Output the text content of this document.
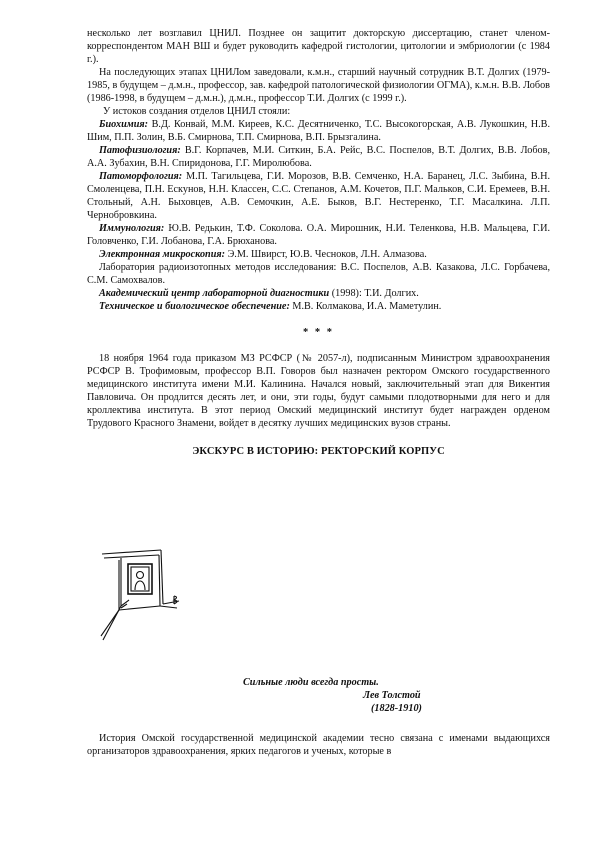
несколько лет возглавил ЦНИЛ. Позднее он защитит докторскую диссертацию, станет членом-корреспондентом МАН ВШ и будет руководить кафедрой гистологии, цитологии и эмбриологии (с 1984 г.).

На последующих этапах ЦНИЛом заведовали, к.м.н., старший научный сотрудник В.Т. Долгих (1979-1985, в будущем – д.м.н., профессор, зав. кафедрой патологической физиологии ОГМА), к.м.н. В.В. Лобов (1986-1998, в будущем – д.м.н.), д.м.н., профессор Т.И. Долгих (с 1999 г.).

У истоков создания отделов ЦНИЛ стояли:

Биохимия: В.Д. Конвай, М.М. Киреев, К.С. Десятниченко, Т.С. Высокогорская, А.В. Лукошкин, Н.В. Шим, П.П. Золин, В.Б. Смирнова, Т.П. Смирнова, В.П. Брызгалина.

Патофизиология: В.Г. Корпачев, М.И. Ситкин, Б.А. Рейс, В.С. Поспелов, В.Т. Долгих, В.В. Лобов, А.А. Зубахин, В.Н. Спиридонова, Г.Г. Миролюбова.

Патоморфология: М.П. Тагильцева, Г.И. Морозов, В.В. Семченко, Н.А. Баранец, Л.С. Зыбина, В.Н. Смоленцева, П.Н. Ескунов, Н.Н. Классен, С.С. Степанов, А.М. Кочетов, П.Г. Мальков, С.И. Еремеев, В.Н. Стольный, А.Н. Быховцев, А.В. Семочкин, А.Е. Быков, В.Г. Нестеренко, Т.Г. Масалкина. Л.П. Чернобровкина.

Иммунология: Ю.В. Редькин, Т.Ф. Соколова. О.А. Мирошник, Н.И. Теленкова, Н.В. Мальцева, Г.И. Головченко, Г.И. Лобанова, Г.А. Брюханова.

Электронная микроскопия: Э.М. Швирст, Ю.В. Чесноков, Л.Н. Алмазова.

Лаборатория радиоизотопных методов исследования: В.С. Поспелов, А.В. Казакова, Л.С. Горбачева, С.М. Самохвалов.

Академический центр лабораторной диагностики (1998): Т.И. Долгих.

Техническое и биологическое обеспечение: М.В. Колмакова, И.А. Маметулин.

* * *

18 ноября 1964 года приказом МЗ РСФСР (№ 2057-л), подписанным Министром здравоохранения РСФСР В. Трофимовым, профессор В.П. Говоров был назначен ректором Омского государственного медицинского института имени М.И. Калинина. Начался новый, заключительный этап для Викентия Павловича. Он продлится десять лет, и они, эти годы, будут самыми плодотворными для него и для кроллектива института. В этот период Омский медицинский институт будет награжден орденом Трудового Красного Знамени, войдет в десятку лучших медицинских вузов страны.

ЭКСКУРС В ИСТОРИЮ: РЕКТОРСКИЙ КОРПУС
Сильные люди всегда просты.
Лев Толстой
(1828-1910)

История Омской государственной медицинской академии тесно связана с именами выдающихся организаторов здравоохранения, ярких педагогов и ученых, которые в
